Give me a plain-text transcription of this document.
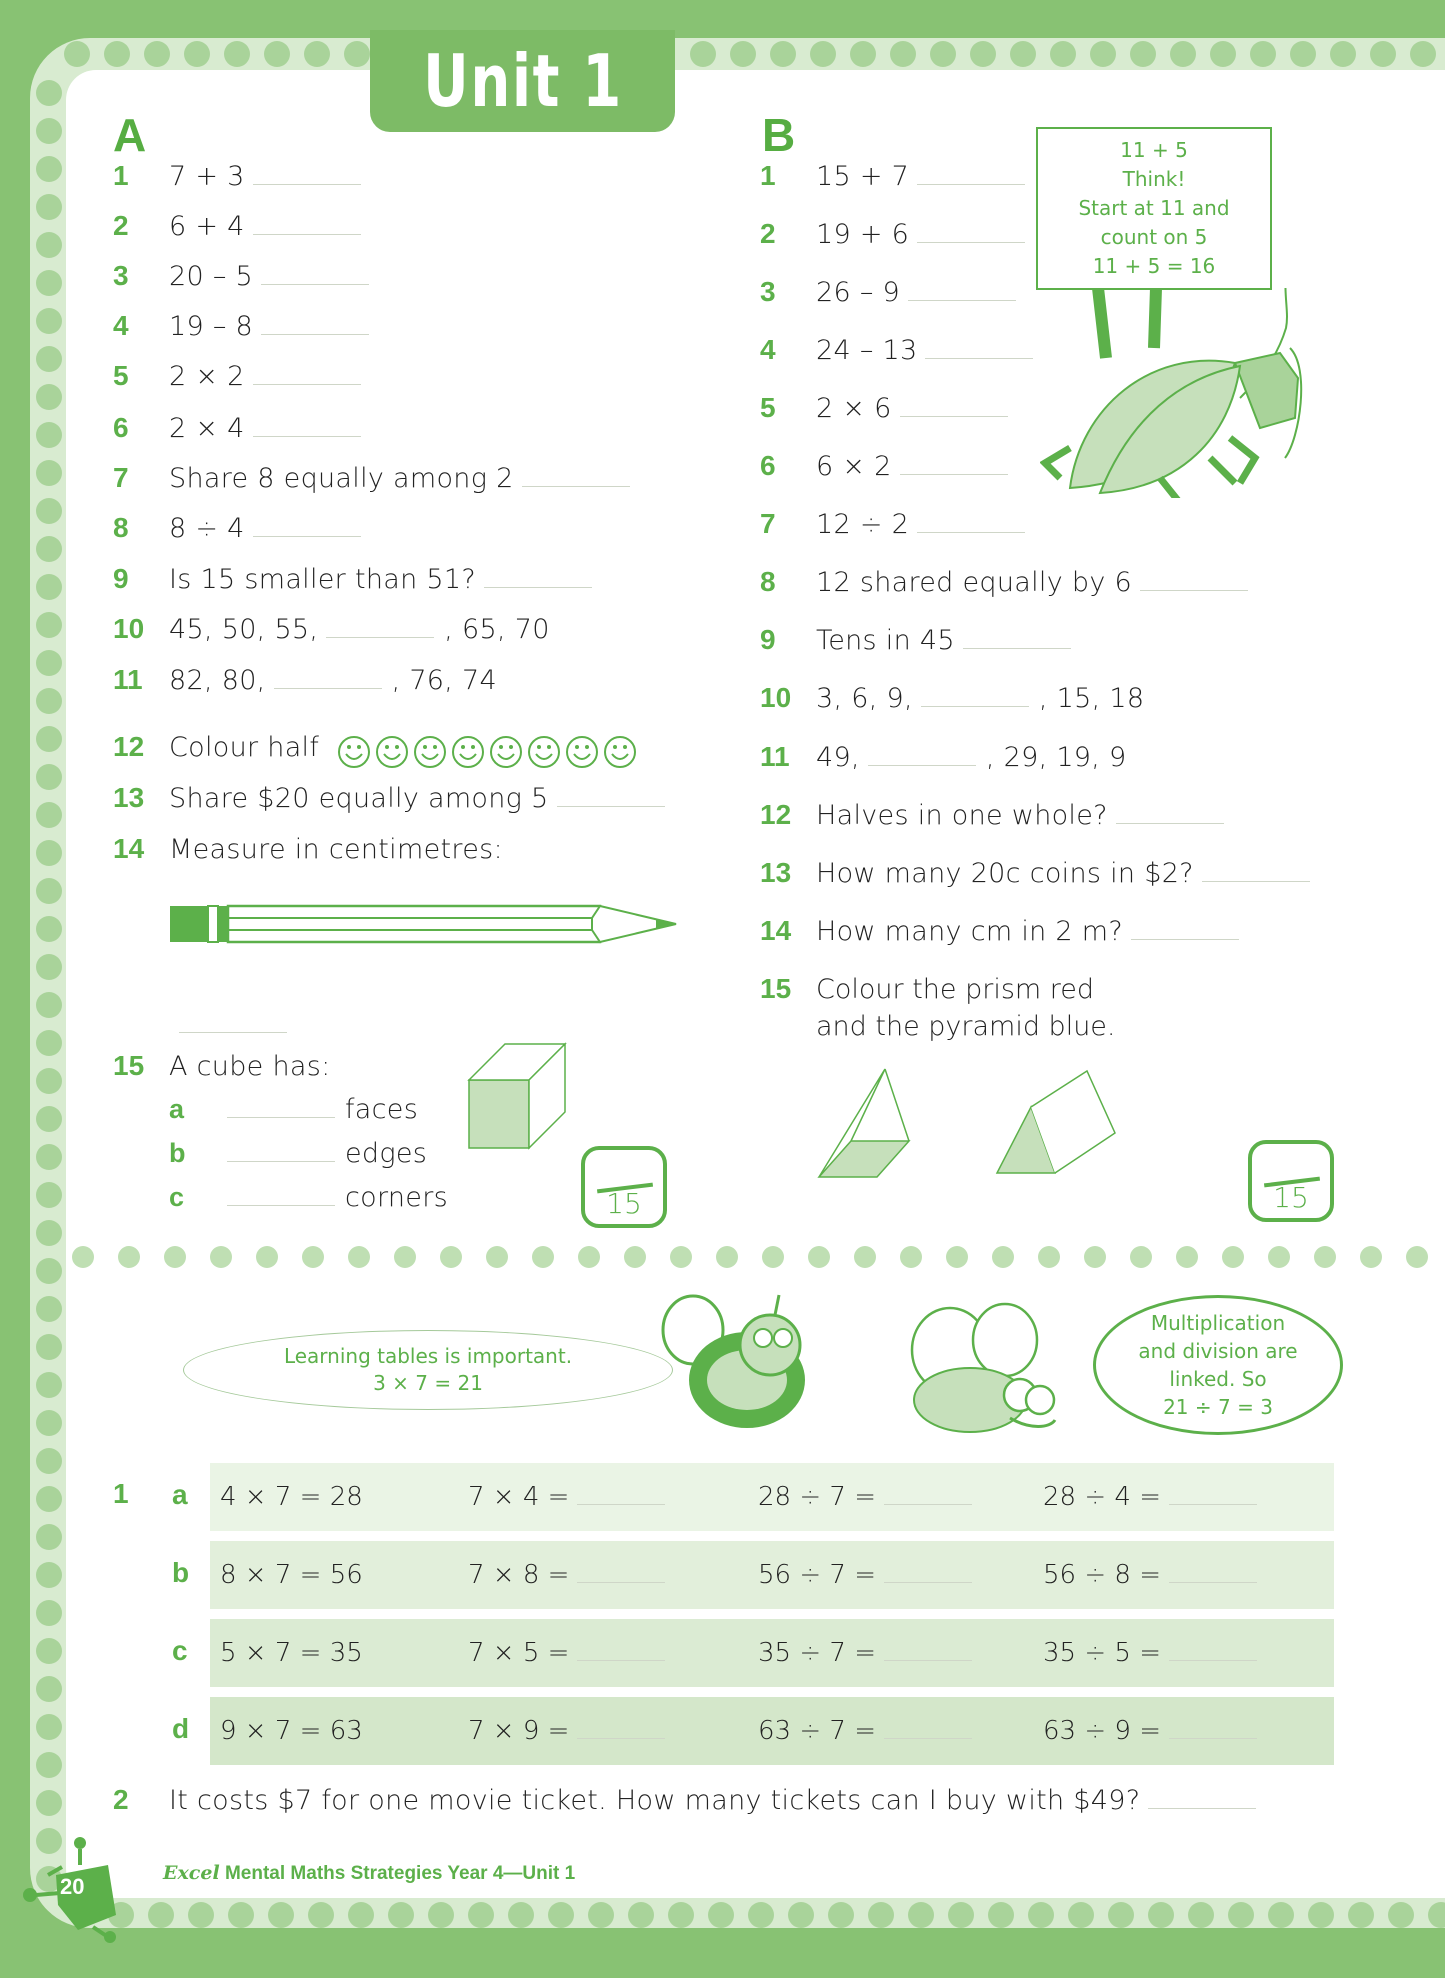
Unit 1
A
1	7 + 3
2	6 + 4
3	20 – 5
4	19 – 8
5	2 × 2
6	2 × 4
7	Share 8 equally among 2
8	8 ÷ 4
9	Is 15 smaller than 51?
10 45, 50, 55,	, 65, 70
11 82, 80,	, 76, 74
12 Colour half
13 Share $20 equally among 5
14 Measure in centimetres:
15 A cube has:
a	faces
b	edges
c	corners	15
B
1	15 + 7
2	19 + 6
3	26 – 9
4	24 – 13
5	2 × 6
6	6 × 2
7	12 ÷ 2
8	12 shared equally by 6
9	Tens in 45
10 3, 6, 9,	, 15, 18
11 49,	, 29, 19, 9
12 Halves in one whole?
13 How many 20c coins in $2?
14 How many cm in 2 m?
15 Colour the prism red
and the pyramid blue.
11 + 5
Think!
Start at 11 and
count on 5
11 + 5 = 16
15
Learning tables is important.
3 × 7 = 21
Multiplication
and division are
linked. So
21 ÷ 7 = 3
1 a 4 × 7 = 28	7 × 4 =	28 ÷ 7 =	28 ÷ 4 =
b 8 × 7 = 56	7 × 8 =	56 ÷ 7 =	56 ÷ 8 =
c 5 × 7 = 35	7 × 5 =	35 ÷ 7 =	35 ÷ 5 =
d 9 × 7 = 63	7 × 9 =	63 ÷ 7 =	63 ÷ 9 =
2	It costs $7 for one movie ticket. How many tickets can I buy with $49?
20
Excel Mental Maths Strategies Year 4—Unit 1
